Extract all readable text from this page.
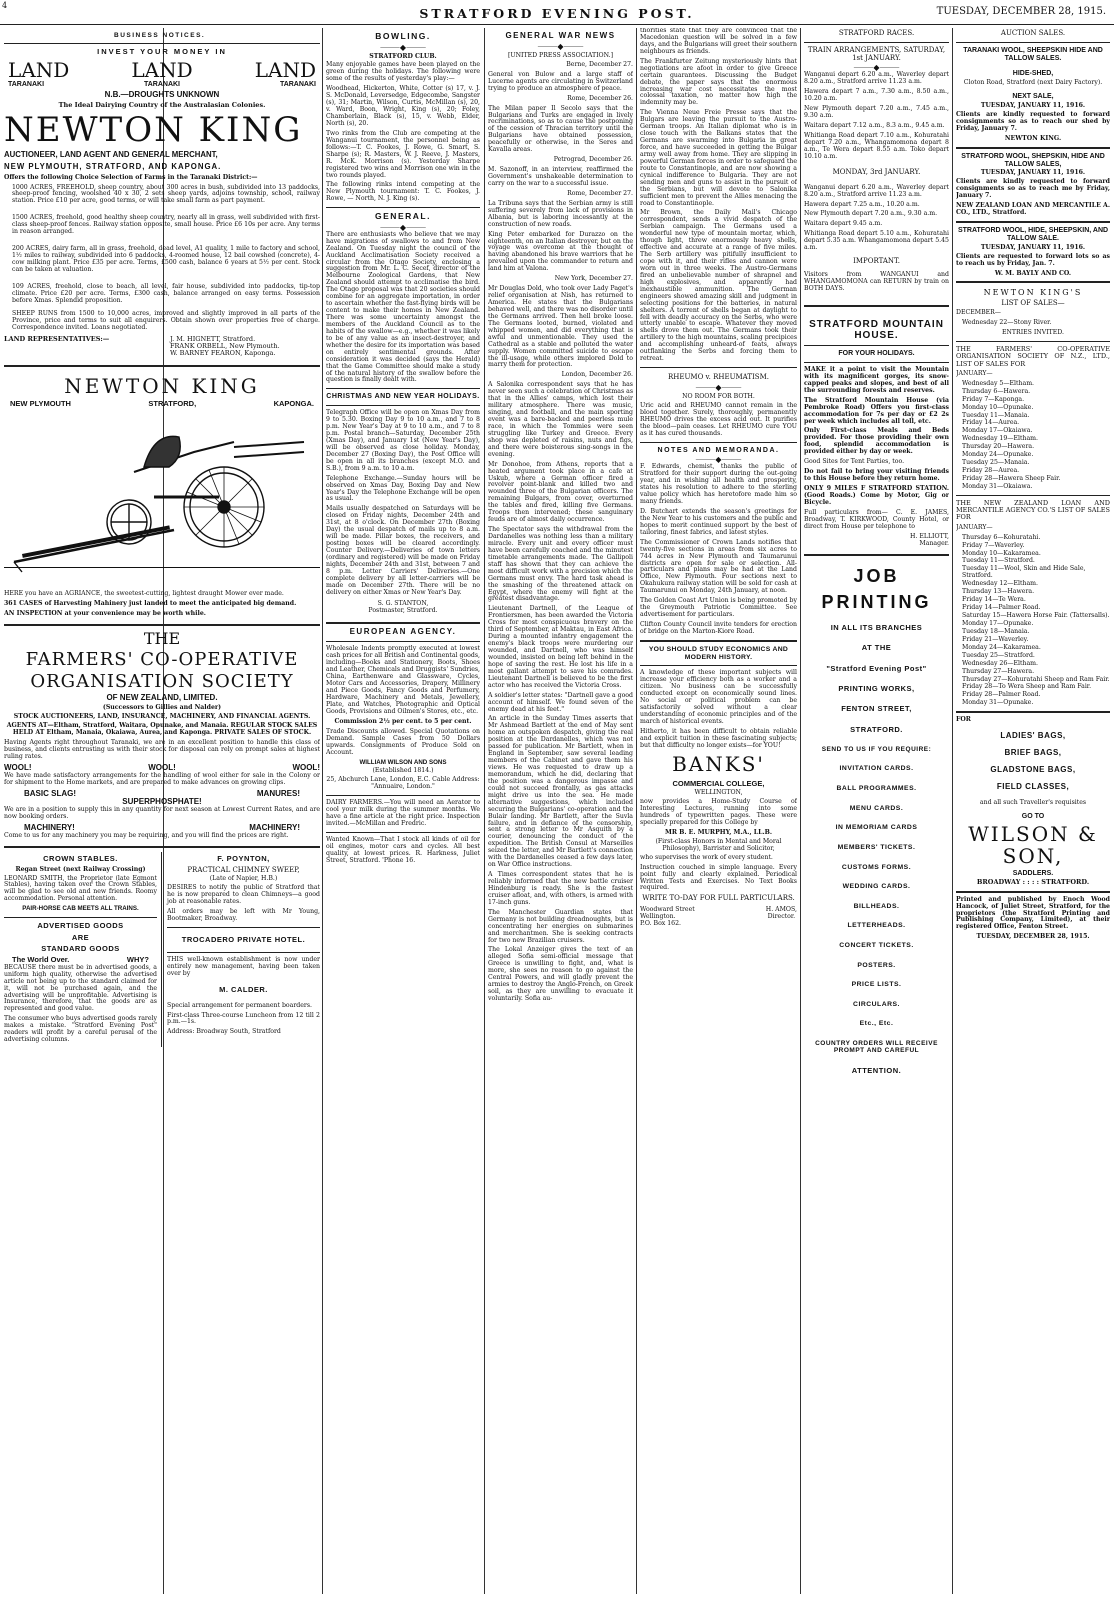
4
STRATFORD EVENING POST.	TUESDAY, DECEMBER 28, 1915.
BUSINESS NOTICES.
INVEST YOUR MONEY IN
LAND	LAND	LAND
TARANAKI	TARANAKI	TARANAKI
N.B.—DROUGHTS UNKNOWN
The Ideal Dairying Country of the Australasian Colonies.
NEWTON KING
AUCTIONEER, LAND AGENT AND GENERAL MERCHANT,
NEW PLYMOUTH, STRATFORD, AND KAPONGA.
Offers the following Choice Selection of Farms in the Taranaki District:—
1000 ACRES, FREEHOLD, sheep country, about 300 acres in bush, subdivided into 13 paddocks, sheep-proof fencing, woolshed 40 x 30, 2 sets sheep yards, adjoins township, school, railway station. Price £10 per acre, good terms, or will take small farm as part payment.
1500 ACRES, freehold, good healthy sheep country, nearly all in grass, well subdivided with first-class sheep-proof fences. Railway station opposite, small house. Price £6 10s per acre. Any terms in reason arranged.
200 ACRES, dairy farm, all in grass, freehold, dead level, A1 quality, 1 mile to factory and school, 1½ miles to railway, subdivided into 6 paddocks, 4-roomed house, 12 bail cowshed (concrete), 4-cow milking plant. Price £35 per acre. Terms, £500 cash, balance 6 years at 5½ per cent. Stock can be taken at valuation.
109 ACRES, freehold, close to beach, all level, fair house, subdivided into paddocks, tip-top climate. Price £20 per acre. Terms, £300 cash, balance arranged on easy terms. Possession before Xmas. Splendid proposition.
SHEEP RUNS from 1500 to 10,000 acres, improved and slightly improved in all parts of the Province, price and terms to suit all enquirers. Obtain shown over properties free of charge. Correspondence invited. Loans negotiated.
LAND REPRESENTATIVES:—	J. M. HIGNETT, Stratford.
FRANK ORBELL, New Plymouth.
W. BARNEY FEARON, Kaponga.
NEWTON KING
NEW PLYMOUTH	STRATFORD,	KAPONGA.
HERE you have an AGRIANCE, the sweetest-cutting, lightest draught Mower ever made.
361 CASES of Harvesting Mahinery just landed to meet the anticipated big demand.
AN INSPECTION at your convenience may be worth while.
THE
FARMERS' CO-OPERATIVE
ORGANISATION SOCIETY
OF NEW ZEALAND, LIMITED.
(Successors to Gillies and Nalder)
STOCK AUCTIONEERS, LAND, INSURANCE, MACHINERY, AND FINANCIAL AGENTS.
AGENTS AT—Eltham, Stratford, Waitara, Opunake, and Manaia. REGULAR STOCK SALES HELD AT Eltham, Manaia, Okaiawa, Aurea, and Kaponga. PRIVATE SALES OF STOCK.
Having Agents right throughout Taranaki, we are in an excellent position to handle this class of business, and clients entrusting us with their stock for disposal can rely on prompt sales at highest ruling rates.
WOOL!	WOOL!	WOOL!
We have made satisfactory arrangements for the handling of wool either for sale in the Colony or for shipment to the Home markets, and are prepared to make advances on growing clips.
BASIC SLAG!	MANURES!
SUPERPHOSPHATE!
We are in a position to supply this in any quantity for next season at Lowest Current Rates, and are now booking orders.
MACHINERY!	MACHINERY!
Come to us for any machinery you may be requiring, and you will find the prices are right.
CROWN STABLES.
Regan Street (next Railway Crossing)
LEONARD SMITH, the Proprietor (late Egmont Stables), having taken over the Crown Stables, will be glad to see old and new friends. Roomy accommodation. Personal attention.
PAIR-HORSE CAB MEETS ALL TRAINS.
ADVERTISED GOODS
ARE
STANDARD GOODS
The World Over.	WHY?
BECAUSE there must be in advertised goods, a uniform high quality, otherwise the advertised article not being up to the standard claimed for it, will not be purchased again, and the advertising will be unprofitable. Advertising is Insurance, therefore, that the goods are as represented and good value.
The consumer who buys advertised goods rarely makes a mistake. "Stratford Evening Post" readers will profit by a careful perusal of the advertising columns.
F. POYNTON,
PRACTICAL CHIMNEY SWEEP,
(Late of Napier, H.B.)
DESIRES to notify the public of Stratford that he is now prepared to clean Chimneys—a good job at reasonable rates.
All orders may be left with Mr Young, Bootmaker, Broadway.
TROCADERO PRIVATE HOTEL.
THIS well-known establishment is now under entirely new management, having been taken over by
M. CALDER.
Special arrangement for permanent boarders.
First-class Three-course Luncheon from 12 till 2 p.m.—1s.
Address: Broadway South, Stratford
BOWLING.
⸻◆⸻
STRATFORD CLUB.
Many enjoyable games have been played on the green during the holidays. The following were some of the results of yesterday's play:—
Woodhead, Hickerton, White, Cotter (s) 17, v. J. S. McDonald, Leversedge, Edgecombe, Sangster (s), 31; Martin, Wilson, Curtis, McMillan (s), 20, v. Ward, Boon, Wright, King (s), 20; Foley, Chamberlain, Black (s), 15, v. Webb, Elder, North (s), 20.
Two rinks from the Club are competing at the Wanganui tournament, the personnel being as follows:—T. C. Fookes, J. Rowe, G. Smart, S. Sharpe (s); R. Masters, W. J. Reeve, J. Masters, R. McK. Morrison (s). Yesterday Sharpe registered two wins and Morrison one win in the two rounds played.
The following rinks intend competing at the New Plymouth tournament: T. C. Fookes, J. Rowe, — North, N. J. King (s).
GENERAL.
⸻◆⸻
There are enthusiasts who believe that we may have migrations of swallows to and from New Zealand. On Tuesday night the council of the Auckland Acclimatisation Society received a circular from the Otago Society, enclosing a suggestion from Mr. L. C. Secef, director of the Melbourne Zoological Gardens, that New Zealand should attempt to acclimatise the bird. The Otago proposal was that 20 societies should combine for an aggregate importation, in order to ascertain whether the fast-flying birds will be content to make their homes in New Zealand. There was some uncertainty amongst the members of the Auckland Council as to the habits of the swallow—e.g., whether it was likely to be of any value as an insect-destroyer, and whether the desire for its importation was based on entirely sentimental grounds. After consideration it was decided (says the Herald) that the Game Committee should make a study of the natural history of the swallow before the question is finally dealt with.
CHRISTMAS AND NEW YEAR HOLIDAYS.
Telegraph Office will be open on Xmas Day from 9 to 5.30. Boxing Day 9 to 10 a.m., and 7 to 8 p.m. New Year's Day at 9 to 10 a.m., and 7 to 8 p.m. Postal branch—Saturday, December 25th (Xmas Day), and January 1st (New Year's Day), will be observed as close holiday. Monday, December 27 (Boxing Day), the Post Office will be open in all its branches (except M.O. and S.B.), from 9 a.m. to 10 a.m.
Telephone Exchange.—Sunday hours will be observed on Xmas Day, Boxing Day and New Year's Day the Telephone Exchange will be open as usual.
Mails usually despatched on Saturdays will be closed on Friday nights, December 24th and 31st, at 8 o'clock. On December 27th (Boxing Day) the usual despatch of mails up to 8 a.m. will be made. Pillar boxes, the receivers, and posting boxes will be cleared accordingly. Counter Delivery.—Deliveries of town letters (ordinary and registered) will be made on Friday nights, December 24th and 31st, between 7 and 8 p.m. Letter Carriers' Deliveries.—One complete delivery by all letter-carriers will be made on December 27th. There will be no delivery on either Xmas or New Year's Day.
S. G. STANTON,
Postmaster, Stratford.
EUROPEAN AGENCY.
Wholesale Indents promptly executed at lowest cash prices for all British and Continental goods, including—Books and Stationery, Boots, Shoes and Leather, Chemicals and Druggists' Sundries, China, Earthenware and Glassware, Cycles, Motor Cars and Accessories, Drapery, Millinery and Piece Goods, Fancy Goods and Perfumery, Hardware, Machinery and Metals, Jewellery, Plate, and Watches, Photographic and Optical Goods, Provisions and Oilmen's Stores, etc., etc.
Commission 2½ per cent. to 5 per cent.
Trade Discounts allowed. Special Quotations on Demand. Sample Cases from 50 Dollars upwards. Consignments of Produce Sold on Account.
WILLIAM WILSON AND SONS
(Established 1814.)
25, Abchurch Lane, London, E.C. Cable Address: "Annuaire, London."
DAIRY FARMERS.—You will need an Aerator to cool your milk during the summer months. We have a fine article at the right price. Inspection invited.—McMillan and Fredric.
Wanted Known—That I stock all kinds of oil for oil engines, motor cars and cycles. All best quality, at lowest prices. R. Harkness, Juliet Street, Stratford. 'Phone 16.
GENERAL WAR NEWS
⸻◆⸻
[UNITED PRESS ASSOCIATION.]
Berne, December 27.
General von Bulow and a large staff of Lucerne agents are circulating in Switzerland trying to produce an atmosphere of peace.
Rome, December 26.
The Milan paper Il Secolo says that the Bulgarians and Turks are engaged in lively recriminations, so as to cause the postponing of the cession of Thracian territory until the Bulgarians have obtained possession, peacefully or otherwise, in the Seres and Kavalla areas.
Petrograd, December 26.
M. Sazonoff, in an interview, reaffirmed the Government's unshakeable determination to carry on the war to a successful issue.
Rome, December 27.
La Tribuna says that the Serbian army is still suffering severely from lack of provisions in Albania, but is laboring incessantly at the construction of new roads.
King Peter embarked for Durazzo on the eighteenth, on an Italian destroyer, but on the voyage was overcome at the thought of having abandoned his brave warriors that he prevailed upon the commander to return and land him at Valona.
New York, December 27.
Mr Douglas Dold, who took over Lady Paget's relief organisation at Nish, has returned to America. He states that the Bulgarians behaved well, and there was no disorder until the Germans arrived. Then hell broke loose. The Germans looted, burned, violated and whipped women, and did everything that is awful and unmentionable. They used the Cathedral as a stable and polluted the water supply. Women committed suicide to escape the ill-usage, while others implored Dold to marry them for protection.
London, December 26.
A Salonika correspondent says that he has never seen such a celebration of Christmas as that in the Allies' camps, which lost their military atmosphere. There was music, singing, and football, and the main sporting event was a bare-backed and peerless mule race, in which the Tommies were seen struggling like Turkey and Greece. Every shop was depleted of raisins, nuts and figs, and there were boisterous sing-songs in the evening.
Mr Donohoe, from Athens, reports that a heated argument took place in a cafe at Uskub, where a German officer fired a revolver point-blank and killed two and wounded three of the Bulgarian officers. The remaining Bulgars, from cover, overturned the tables and fired, killing five Germans. Troops then intervened; these sanguinary feuds are of almost daily occurrence.
The Spectator says the withdrawal from the Dardanelles was nothing less than a military miracle. Every unit and every officer must have been carefully coached and the minutest timetable arrangements made. The Gallipoli staff has shown that they can achieve the most difficult work with a precision which the Germans must envy. The hard task ahead is the smashing of the threatened attack on Egypt, where the enemy will fight at the greatest disadvantage.
Lieutenant Dartnell, of the League of Frontiersmen, has been awarded the Victoria Cross for most conspicuous bravery on the third of September, at Maktau, in East Africa. During a mounted infantry engagement the enemy's black troops were murdering our wounded, and Dartnell, who was himself wounded, insisted on being left behind in the hope of saving the rest. He lost his life in a most gallant attempt to save his comrades. Lieutenant Dartnell is believed to be the first actor who has received the Victoria Cross.
A soldier's letter states: "Dartnell gave a good account of himself. We found seven of the enemy dead at his feet."
An article in the Sunday Times asserts that Mr Ashmead Bartlett at the end of May sent home an outspoken despatch, giving the real position at the Dardanelles, which was not passed for publication. Mr Bartlett, when in England in September, saw several leading members of the Cabinet and gave them his views. He was requested to draw up a memorandum, which he did, declaring that the position was a dangerous impasse and could not succeed frontally, as gas attacks might drive us into the sea. He made alternative suggestions, which included securing the Bulgarians' co-operation and the Bulair landing. Mr Bartlett, after the Suvla failure, and in defiance of the censorship, sent a strong letter to Mr Asquith by a courier, denouncing the conduct of the expedition. The British Consul at Marseilles seized the letter, and Mr Bartlett's connection with the Dardanelles ceased a few days later, on War Office instructions.
A Times correspondent states that he is reliably informed that the new battle cruiser Hindenburg is ready. She is the fastest cruiser afloat, and, with others, is armed with 17-inch guns.
The Manchester Guardian states that Germany is not building dreadnoughts, but is concentrating her energies on submarines and merchantmen. She is seeking contracts for two new Brazilian cruisers.
The Lokal Anzeiger gives the text of an alleged Sofia semi-official message that Greece is unwilling to fight, and, what is more, she sees no reason to go against the Central Powers, and will gladly prevent the armies to destroy the Anglo-French, on Greek soil, as they are unwilling to evacuate it voluntarily. Sofia au-
thorities state that they are convinced that the Macedonian question will be solved in a few days, and the Bulgarians will greet their southern neighbours as friends.
The Frankfurter Zeitung mysteriously hints that negotiations are afoot in order to give Greece certain guarantees. Discussing the Budget debate, the paper says that the enormous increasing war cost necessitates the most colossal taxation, no matter how high the indemnity may be.
The Vienna Neue Freie Presse says that the Bulgars are leaving the pursuit to the Austro-German troops. An Italian diplomat who is in close touch with the Balkans states that the Germans are swarming into Bulgaria in great force, and have succeeded in getting the Bulgar army well away from home. They are slipping in powerful German forces in order to safeguard the route to Constantinople, and are now showing a cynical indifference to Bulgaria. They are not sending men and guns to assist in the pursuit of the Serbians, but will devote to Salonika sufficient men to prevent the Allies menacing the road to Constantinople.
Mr Brown, the Daily Mail's Chicago correspondent, sends a vivid despatch of the Serbian campaign. The Germans used a wonderful new type of mountain mortar, which, though light, threw enormously heavy shells, effective and accurate at a range of five miles. The Serb artillery was pitifully insufficient to cope with it, and their rifles and cannon were worn out in three weeks. The Austro-Germans fired an unbelievable number of shrapnel and high explosives, and apparently had inexhaustible ammunition. The German engineers showed amazing skill and judgment in selecting positions for the batteries, in natural shelters. A torrent of shells began at daylight to fell with deadly accuracy on the Serbs, who were utterly unable to escape. Whatever they moved shells drove them out. The Germans took their artillery to the high mountains, scaling precipices and accomplishing unheard-of feats, always outflanking the Serbs and forcing them to retreat.
RHEUMO v. RHEUMATISM.
⸻◆⸻
NO ROOM FOR BOTH.
Uric acid and RHEUMO cannot remain in the blood together. Surely, thoroughly, permanently RHEUMO drives the excess acid out. It purifies the blood—pain ceases. Let RHEUMO cure YOU as it has cured thousands.
NOTES AND MEMORANDA.
⸻◆⸻
F. Edwards, chemist, thanks the public of Stratford for their support during the out-going year, and in wishing all health and prosperity, states his resolution to adhere to the sterling value policy which has heretofore made him so many friends.
D. Butchart extends the season's greetings for the New Year to his customers and the public and hopes to merit continued support by the best of tailoring, finest fabrics, and latest styles.
The Commissioner of Crown Lands notifies that twenty-five sections in areas from six acres to 744 acres in New Plymouth and Taumarunui districts are open for sale or selection. All-particulars and plans may be had at the Land Office, New Plymouth. Four sections next to Okahukura railway station will be sold for cash at Taumarunui on Monday, 24th January, at noon.
The Golden Coast Art Union is being promoted by the Greymouth Patriotic Committee. See advertisement for particulars.
Clifton County Council invite tenders for erection of bridge on the Marton-Kiore Road.
YOU SHOULD STUDY ECONOMICS AND MODERN HISTORY.
A knowledge of these important subjects will increase your efficiency both as a worker and a citizen. No business can be successfully conducted except on economically sound lines. No social or political problem can be satisfactorily solved without a clear understanding of economic principles and of the march of historical events.
Hitherto, it has been difficult to obtain reliable and explicit tuition in these fascinating subjects; but that difficulty no longer exists—for YOU!
BANKS'
COMMERCIAL COLLEGE,
WELLINGTON,
now provides a Home-Study Course of Interesting Lectures, running into some hundreds of typewritten pages. These were specially prepared for this College by
MR B. E. MURPHY, M.A., LL.B.
(First-class Honors in Mental and Moral Philosophy), Barrister and Solicitor,
who supervises the work of every student.
Instruction couched in simple language. Every point fully and clearly explained. Periodical Written Tests and Exercises. No Text Books required.
WRITE TO-DAY FOR FULL PARTICULARS.
Woodward Street
Wellington.
P.O. Box 162.
H. AMOS,
Director.
STRATFORD RACES.
TRAIN ARRANGEMENTS, SATURDAY, 1st JANUARY.
⸻◆⸻
Wanganui depart 6.20 a.m., Waverley depart 8.20 a.m., Stratford arrive 11.23 a.m.
Hawera depart 7 a.m., 7.30 a.m., 8.50 a.m., 10.20 a.m.
New Plymouth depart 7.20 a.m., 7.45 a.m., 9.30 a.m.
Waitara depart 7.12 a.m., 8.3 a.m., 9.45 a.m.
Whitianga Road depart 7.10 a.m., Kohuratahi depart 7.20 a.m., Whangamomona depart 8 a.m., Te Wera depart 8.55 a.m. Toko depart 10.10 a.m.
MONDAY, 3rd JANUARY.
Wanganui depart 6.20 a.m., Waverley depart 8.20 a.m., Stratford arrive 11.23 a.m.
Hawera depart 7.25 a.m., 10.20 a.m.
New Plymouth depart 7.20 a.m., 9.30 a.m.
Waitara depart 9.45 a.m.
Whitianga Road depart 5.10 a.m., Kohuratahi depart 5.35 a.m. Whangamomona depart 5.45 a.m.
IMPORTANT.
Visitors from WANGANUI and WHANGAMOMONA can RETURN by train on BOTH DAYS.
STRATFORD MOUNTAIN
HOUSE.
FOR YOUR HOLIDAYS.
MAKE it a point to visit the Mountain with its magnificent gorges, its snow-capped peaks and slopes, and best of all the surrounding forests and reserves.
The Stratford Mountain House (via Pembroke Road) Offers you first-class accommodation for 7s per day or £2 2s per week which includes all toll, etc.
Only First-class Meals and Beds provided. For those providing their own food, splendid accommodation is provided either by day or week.
Good Sites for Tent Parties, too.
Do not fail to bring your visiting friends to this House before they return home.
ONLY 9 MILES F STRATFORD STATION. (Good Roads.) Come by Motor, Gig or Bicycle.
Full particulars from— C. E. JAMES, Broadway, T. KIRKWOOD, County Hotel, or direct from House per telephone to
H. ELLIOTT,
Manager.
JOB
PRINTING
IN ALL ITS BRANCHES
AT THE
"Stratford Evening Post"
PRINTING WORKS,
FENTON STREET,
STRATFORD.
SEND TO US IF YOU REQUIRE:
INVITATION CARDS.
BALL PROGRAMMES.
MENU CARDS.
IN MEMORIAM CARDS
MEMBERS' TICKETS.
CUSTOMS FORMS.
WEDDING CARDS.
BILLHEADS.
LETTERHEADS.
CONCERT TICKETS.
POSTERS.
PRICE LISTS.
CIRCULARS.
Etc., Etc.
COUNTRY ORDERS WILL RECEIVE PROMPT AND CAREFUL
ATTENTION.
AUCTION SALES.
TARANAKI WOOL, SHEEPSKIN HIDE AND TALLOW SALES.
HIDE-SHED,
Cloton Road, Stratford (next Dairy Factory).
NEXT SALE,
TUESDAY, JANUARY 11, 1916.
Clients are kindly requested to forward consignments so as to reach our shed by Friday, January 7.
NEWTON KING.
STRATFORD WOOL, SHEPSKIN, HIDE AND TALLOW SALES,
TUESDAY, JANUARY 11, 1916.
Clients are kindly requested to forward consignments so as to reach me by Friday, January 7.
NEW ZEALAND LOAN AND MERCANTILE A. CO., LTD., Stratford.
STRATFORD WOOL, HIDE, SHEEPSKIN, AND TALLOW SALE.
TUESDAY, JANUARY 11, 1916.
Clients are requested to forward lots so as to reach us by Friday, Jan. 7.
W. M. BAYLY AND CO.
NEWTON KING'S
LIST OF SALES—
DECEMBER—
Wednesday 22—Stony River.
ENTRIES INVITED.
THE FARMERS' CO-OPERATIVE ORGANISATION SOCIETY OF N.Z., LTD., LIST OF SALES FOR
JANUARY—
Wednesday 5—Eltham.
Thursday 6—Hawera.
Friday 7—Kaponga.
Monday 10—Opunake.
Tuesday 11—Manaia.
Friday 14—Aurea.
Monday 17—Okaiawa.
Wednesday 19—Eltham.
Thursday 20—Hawera.
Monday 24—Opunake.
Tuesday 25—Manaia.
Friday 28—Aurea.
Friday 28—Hawera Sheep Fair.
Monday 31—Okaiawa.
THE NEW ZEALAND LOAN AND MERCANTILE AGENCY CO.'S LIST OF SALES FOR
JANUARY—
Thursday 6—Kohuratahi.
Friday 7—Waverley.
Monday 10—Kakaramea.
Tuesday 11—Stratford.
Tuesday 11—Wool, Skin and Hide Sale, Stratford.
Wednesday 12—Eltham.
Thursday 13—Hawera.
Friday 14—Te Wera.
Friday 14—Palmer Road.
Saturday 15—Hawera Horse Fair. (Tattersalls).
Monday 17—Opunake.
Tuesday 18—Manaia.
Friday 21—Waverley.
Monday 24—Kakaramea.
Tuesday 25—Stratford.
Wednesday 26—Eltham.
Thursday 27—Hawera.
Thursday 27—Kohuratahi Sheep and Ram Fair.
Friday 28—To Wera Sheep and Ram Fair.
Friday 28—Palmer Road.
Monday 31—Opunake.
FOR
LADIES' BAGS,
BRIEF BAGS,
GLADSTONE BAGS,
FIELD CLASSES,
and all such Traveller's requisites
GO TO
WILSON &
SON,
SADDLERS.
BROADWAY : : : : STRATFORD.
Printed and published by Enoch Wood Hancock, of Juliet Street, Stratford, for the proprietors (the Stratford Printing and Publishing Company, Limited), at their registered Office, Fenton Street.
TUESDAY, DECEMBER 28, 1915.
